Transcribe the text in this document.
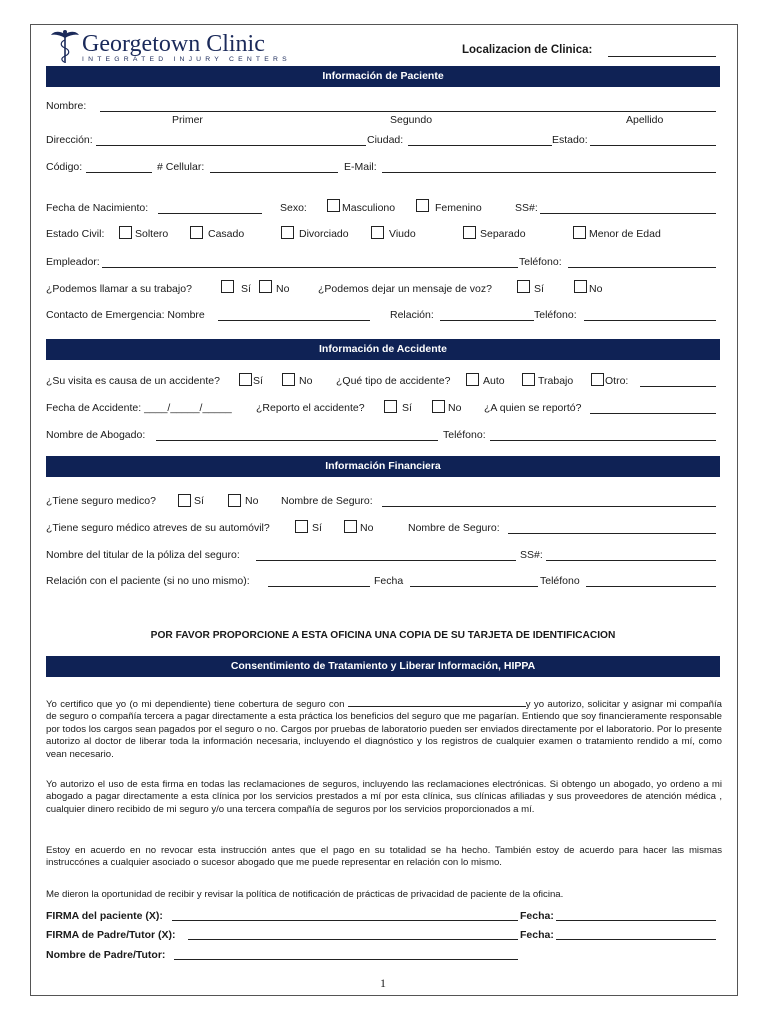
Georgetown Clinic
INTEGRATED INJURY CENTERS
Localizacion de Clinica:
Información de Paciente
Nombre:
Primer	Segundo	Apellido
Dirección:	Ciudad:	Estado:
Código:	# Cellular:	E-Mail:
Fecha de Nacimiento:	Sexo:	Masculiono	Femenino	SS#:
Estado Civil:	Soltero	Casado	Divorciado	Viudo	Separado	Menor de Edad
Empleador:	Teléfono:
¿Podemos llamar a su trabajo?	Sí No	¿Podemos dejar un mensaje de voz?	Sí	No
Contacto de Emergencia: Nombre	Relación:	Teléfono:
Información de Accidente
¿Su visita es causa de un accidente?	Sí	No ¿Qué tipo de accidente?	Auto	Trabajo	Otro:
Fecha de Accidente: ____/_____/_____ ¿Reporto el accidente?	Sí	No ¿A quien se reportó?
Nombre de Abogado:	Teléfono:
Información Financiera
¿Tiene seguro medico?	Sí	No Nombre de Seguro:
¿Tiene seguro médico atreves de su automóvil?	Sí	No	Nombre de Seguro:
Nombre del titular de la póliza del seguro:	SS#:
Relación con el paciente (si no uno mismo):	Fecha	Teléfono
POR FAVOR PROPORCIONE A ESTA OFICINA UNA COPIA DE SU TARJETA DE IDENTIFICACION
Consentimiento de Tratamiento y Liberar Información, HIPPA
Yo certifico que yo (o mi dependiente) tiene cobertura de seguro con	y yo autorizo, solicitar y asignar mi compañía de seguro o compañía tercera a pagar directamente a esta práctica los beneficios del seguro que me pagarían. Entiendo que soy financieramente responsable por todos los cargos sean pagados por el seguro o no. Cargos por pruebas de laboratorio pueden ser enviados directamente por el laboratorio. Por lo presente autorizo al doctor de liberar toda la información necesaria, incluyendo el diagnóstico y los registros de cualquier examen o tratamiento rendido a mí, como vean necesario.
Yo autorizo el uso de esta firma en todas las reclamaciones de seguros, incluyendo las reclamaciones electrónicas. Si obtengo un abogado, yo ordeno a mi abogado a pagar directamente a esta clínica por los servicios prestados a mí por esta clínica, sus clínicas afiliadas y sus proveedores de atención médica , cualquier dinero recibido de mi seguro y/o una tercera compañía de seguros por los servicios proporcionados a mí.
Estoy en acuerdo en no revocar esta instrucción antes que el pago en su totalidad se ha hecho. También estoy de acuerdo para hacer las mismas instruccónes a cualquier asociado o sucesor abogado que me puede representar en relación con lo mismo.
Me dieron la oportunidad de recibir y revisar la política de notificación de prácticas de privacidad de paciente de la oficina.
FIRMA del paciente (X):	Fecha:
FIRMA de Padre/Tutor (X):	Fecha:
Nombre de Padre/Tutor:
1
